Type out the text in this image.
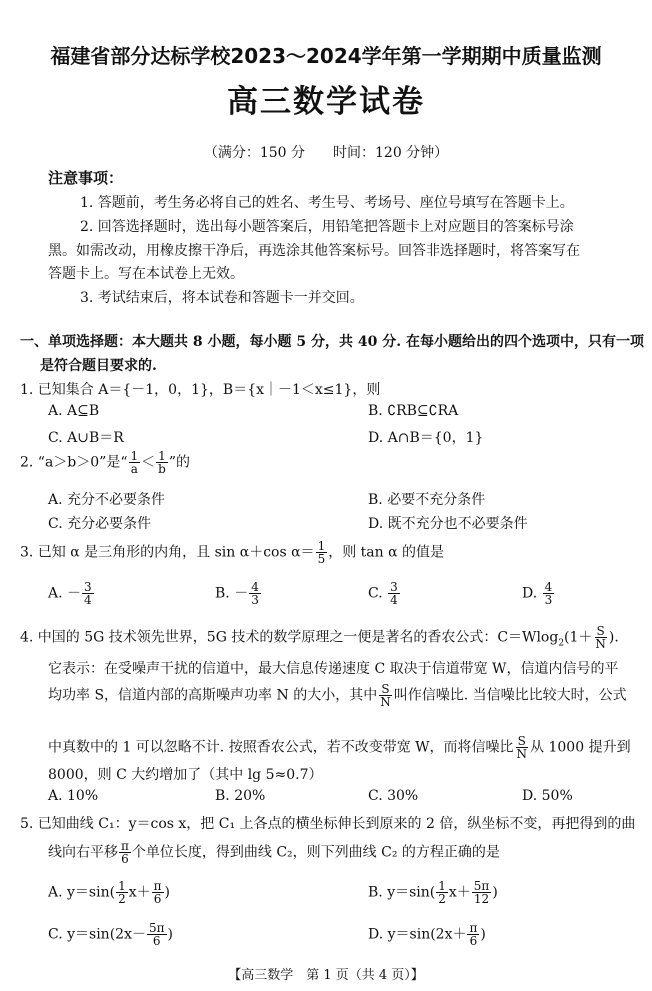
福建省部分达标学校2023～2024学年第一学期期中质量监测
高三数学试卷
（满分：150 分　　时间：120 分钟）
注意事项：
1. 答题前，考生务必将自己的姓名、考生号、考场号、座位号填写在答题卡上。
2. 回答选择题时，选出每小题答案后，用铅笔把答题卡上对应题目的答案标号涂
黑。如需改动，用橡皮擦干净后，再选涂其他答案标号。回答非选择题时，将答案写在
答题卡上。写在本试卷上无效。
3. 考试结束后，将本试卷和答题卡一并交回。
一、单项选择题：本大题共 8 小题，每小题 5 分，共 40 分. 在每小题给出的四个选项中，只有一项
是符合题目要求的.
1. 已知集合 A＝{－1，0，1}，B＝{x｜－1＜x≤1}，则
A. A⊆B	B. ∁RB⊆∁RA
C. A∪B＝R	D. A∩B＝{0，1}
2. “a＞b＞0”是“ $\frac{1}{a} < \frac{1}{b}$ ”的
A. 充分不必要条件	B. 必要不充分条件
C. 充分必要条件	D. 既不充分也不必要条件
3. 已知 α 是三角形的内角，且 sin α＋cos $\alpha= \frac{1}{5}$ ，则 tan α 的值是
A. － $\frac{3}{4}$	B. － $\frac{4}{3}$	C. $\frac{3}{4}$	D. $\frac{4}{3}$
4. 中国的 5G 技术领先世界，5G 技术的数学原理之一便是著名的香农公式：$C=Wlog_2(1+ \frac{S}{N}$ ).
它表示：在受噪声干扰的信道中，最大信息传递速度 C 取决于信道带宽 W，信道内信号的平
均功率 S，信道内部的高斯噪声功率 N 的大小，其中 $\frac{S}{N}$ 叫作信噪比. 当信噪比比较大时，公式
中真数中的 1 可以忽略不计. 按照香农公式，若不改变带宽 W，而将信噪比 $\frac{S}{N}$ 从 1000 提升到
8000，则 C 大约增加了（其中 lg 5≈0.7）
A. 10%	B. 20%	C. 30%	D. 50%
5. 已知曲线 C₁：y＝cos x，把 C₁ 上各点的横坐标伸长到原来的 2 倍，纵坐标不变，再把得到的曲
线向右平移 $\frac{\pi}{6}$ 个单位长度，得到曲线 C₂，则下列曲线 C₂ 的方程正确的是
A. $y=\sin( \frac{1}{2} x+ \frac{\pi}{6}$ )	B. $y=\sin( \frac{1}{2} x+ \frac{5\pi}{12}$ )
C. $y=\sin(2x- \frac{5\pi}{6}$ )	D. $y=\sin(2x+ \frac{\pi}{6}$ )
【高三数学　第 1 页（共 4 页）】
